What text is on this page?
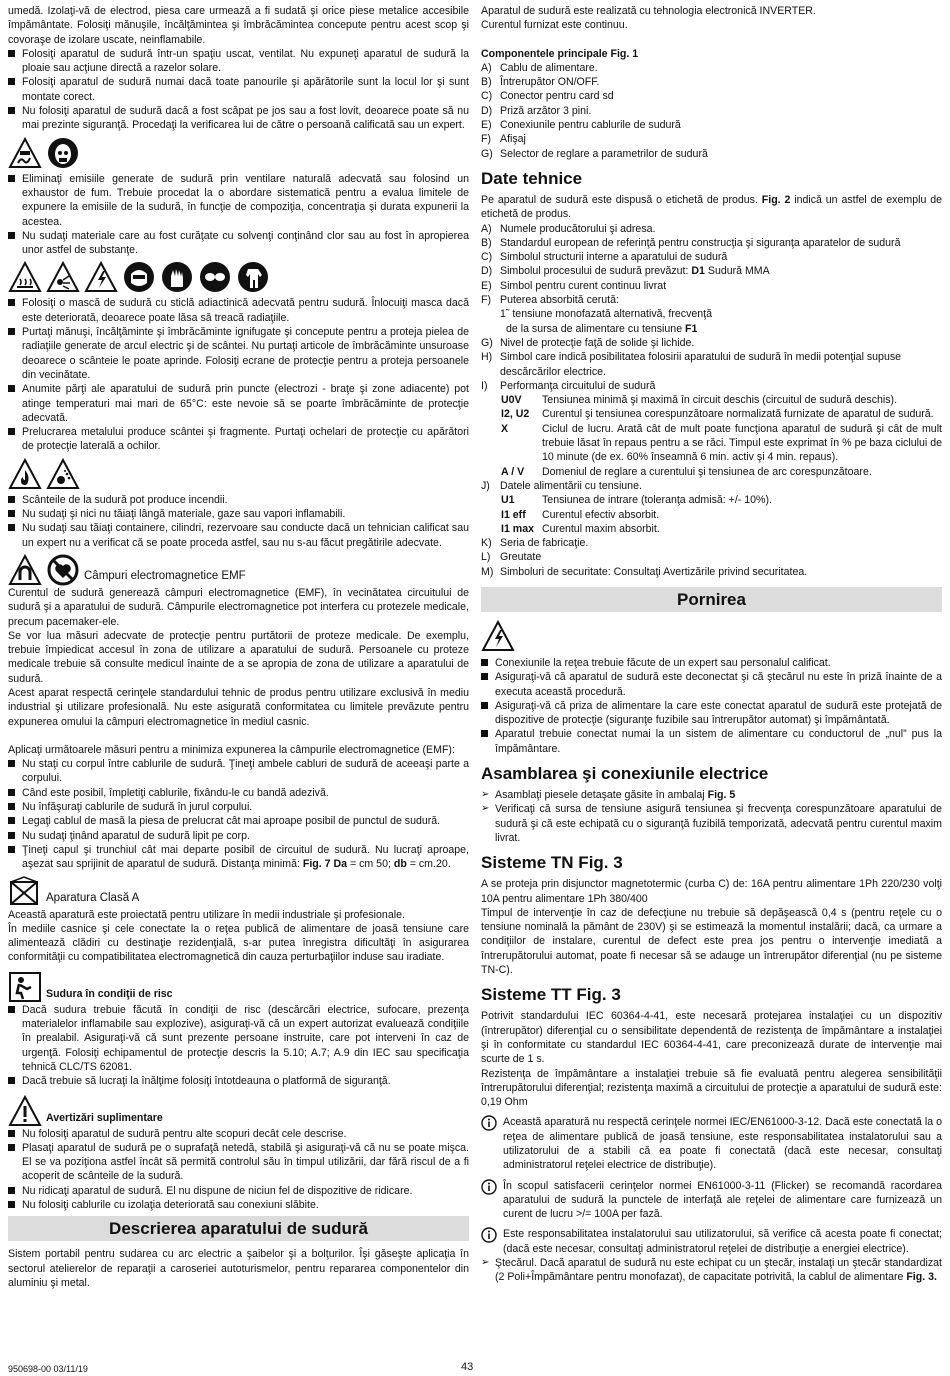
umedă. Izolaţi-vă de electrod, piesa care urmează a fi sudată şi orice piese metalice accesibile împământate. Folosiţi mănuşile, încălţămintea şi îmbrăcămintea concepute pentru acest scop şi covoraşe de izolare uscate, neinflamabile.

Folosiţi aparatul de sudură într-un spaţiu uscat, ventilat. Nu expuneţi aparatul de sudură la ploaie sau acţiune directă a razelor solare.
Folosiţi aparatul de sudură numai dacă toate panourile şi apărătorile sunt la locul lor şi sunt montate corect.
Nu folosiţi aparatul de sudură dacă a fost scăpat pe jos sau a fost lovit, deoarece poate să nu mai prezinte siguranţă. Procedaţi la verificarea lui de către o persoană calificată sau un expert.
Eliminaţi emisiile generate de sudură prin ventilare naturală adecvată sau folosind un exhaustor de fum. Trebuie procedat la o abordare sistematică pentru a evalua limitele de expunere la emisiile de la sudură, în funcţie de compoziţia, concentraţia şi durata expunerii la acestea.
Nu sudaţi materiale care au fost curăţate cu solvenţi conţinând clor sau au fost în apropierea unor astfel de substanţe.
Folosiţi o mască de sudură cu sticlă adiactinică adecvată pentru sudură. Înlocuiţi masca dacă este deteriorată, deoarece poate lăsa să treacă radiaţiile.
Purtaţi mănuşi, încălţăminte şi îmbrăcăminte ignifugate şi concepute pentru a proteja pielea de radiaţiile generate de arcul electric şi de scântei. Nu purtaţi articole de îmbrăcăminte unsuroase deoarece o scânteie le poate aprinde. Folosiţi ecrane de protecţie pentru a proteja persoanele din vecinătate.
Anumite părţi ale aparatului de sudură prin puncte (electrozi - braţe şi zone adiacente) pot atinge temperaturi mai mari de 65°C: este nevoie să se poarte îmbrăcăminte de protecţie adecvată.
Prelucrarea metalului produce scântei şi fragmente. Purtaţi ochelari de protecţie cu apărători de protecţie laterală a ochilor.
Scânteile de la sudură pot produce incendii.
Nu sudaţi şi nici nu tăiaţi lângă materiale, gaze sau vapori inflamabili.
Nu sudaţi sau tăiaţi containere, cilindri, rezervoare sau conducte dacă un tehnician calificat sau un expert nu a verificat că se poate proceda astfel, sau nu s-au făcut pregătirile adecvate.
Câmpuri electromagnetice EMF

Curentul de sudură generează câmpuri electromagnetice (EMF), în vecinătatea circuitului de sudură şi a aparatului de sudură. Câmpurile electromagnetice pot interfera cu protezele medicale, precum pacemaker-ele.

Se vor lua măsuri adecvate de protecţie pentru purtătorii de proteze medicale. De exemplu, trebuie împiedicat accesul în zona de utilizare a aparatului de sudură. Persoanele cu proteze medicale trebuie să consulte medicul înainte de a se apropia de zona de utilizare a aparatului de sudură.

Acest aparat respectă cerinţele standardului tehnic de produs pentru utilizare exclusivă în mediu industrial şi utilizare profesională. Nu este asigurată conformitatea cu limitele prevăzute pentru expunerea omului la câmpuri electromagnetice în mediul casnic.

Aplicaţi următoarele măsuri pentru a minimiza expunerea la câmpurile electromagnetice (EMF):

Nu staţi cu corpul între cablurile de sudură. Ţineţi ambele cabluri de sudură de aceeaşi parte a corpului.
Când este posibil, împletiţi cablurile, fixându-le cu bandă adezivă.
Nu înfăşuraţi cablurile de sudură în jurul corpului.
Legaţi cablul de masă la piesa de prelucrat cât mai aproape posibil de punctul de sudură.
Nu sudaţi ţinând aparatul de sudură lipit pe corp.
Ţineţi capul şi trunchiul cât mai departe posibil de circuitul de sudură. Nu lucraţi aproape, aşezat sau sprijinit de aparatul de sudură. Distanţa minimă: Fig. 7 Da = cm 50; db = cm.20.
Aparatura Clasă A

Această aparatură este proiectată pentru utilizare în medii industriale şi profesionale.

În mediile casnice şi cele conectate la o reţea publică de alimentare de joasă tensiune care alimentează clădiri cu destinaţie rezidenţială, s-ar putea înregistra dificultăţi în asigurarea conformităţii cu compatibilitatea electromagnetică din cauza perturbaţiilor induse sau iradiate.

Sudura în condiţii de risc
Dacă sudura trebuie făcută în condiţii de risc (descărcări electrice, sufocare, prezenţa materialelor inflamabile sau explozive), asiguraţi-vă că un expert autorizat evaluează condiţiile în prealabil. Asiguraţi-vă că sunt prezente persoane instruite, care pot interveni în caz de urgenţă. Folosiţi echipamentul de protecţie descris la 5.10; A.7; A.9 din IEC sau specificaţia tehnică CLC/TS 62081.
Dacă trebuie să lucraţi la înălţime folosiţi întotdeauna o platformă de siguranţă.
Avertizări suplimentare
Nu folosiţi aparatul de sudură pentru alte scopuri decât cele descrise.
Plasaţi aparatul de sudură pe o suprafaţă netedă, stabilă şi asiguraţi-vă că nu se poate mişca. El se va poziţiona astfel încât să permită controlul său în timpul utilizării, dar fără riscul de a fi acoperit de scânteile de la sudură.
Nu ridicaţi aparatul de sudură. El nu dispune de niciun fel de dispozitive de ridicare.
Nu folosiţi cablurile cu izolaţia deteriorată sau conexiuni slăbite.
Descrierea aparatului de sudură

Sistem portabil pentru sudarea cu arc electric a şaibelor şi a bolţurilor. Îşi găseşte aplicaţia în sectorul atelierelor de reparaţii a caroseriei autoturismelor, pentru repararea componentelor din aluminiu şi metal.

Aparatul de sudură este realizată cu tehnologia electronică INVERTER.

Curentul furnizat este continuu.

Componentele principale Fig. 1

A) Cablu de alimentare.
B) Întrerupător ON/OFF.
C) Conector pentru card sd
D) Priză arzător 3 pini.
E) Conexiunile pentru cablurile de sudură
F) Afişaj
G) Selector de reglare a parametrilor de sudură
Date tehnice

Pe aparatul de sudură este dispusă o etichetă de produs. Fig. 2 indică un astfel de exemplu de etichetă de produs.

A) Numele producătorului şi adresa.
B) Standardul european de referinţă pentru construcţia şi siguranţa aparatelor de sudură
C) Simbolul structurii interne a aparatului de sudură
D) Simbolul procesului de sudură prevăzut: D1 Sudură MMA
E) Simbol pentru curent continuu livrat
F) Puterea absorbită cerută:
1˜ tensiune monofazată alternativă, frecvenţă
de la sursa de alimentare cu tensiune F1
G) Nivel de protecţie faţă de solide şi lichide.
H) Simbol care indică posibilitatea folosirii aparatului de sudură în medii potenţial supuse descărcărilor electrice.
I) Performanţa circuitului de sudură
U0V	Tensiunea minimă şi maximă în circuit deschis (circuitul de sudură deschis).
I2, U2	Curentul şi tensiunea corespunzătoare normalizată furnizate de aparatul de sudură.
X	Ciclul de lucru. Arată cât de mult poate funcţiona aparatul de sudură şi cât de mult trebuie lăsat în repaus pentru a se răci. Timpul este exprimat în % pe baza ciclului de 10 minute (de ex. 60% înseamnă 6 min. activ şi 4 min. repaus).
A / V	Domeniul de reglare a curentului şi tensiunea de arc corespunzătoare.
J) Datele alimentării cu tensiune.
U1	Tensiunea de intrare (toleranţa admisă: +/- 10%).
I1 eff	Curentul efectiv absorbit.
I1 max Curentul maxim absorbit.
K) Seria de fabricaţie.
L) Greutate
M) Simboluri de securitate: Consultaţi Avertizările privind securitatea.
Pornirea
Conexiunile la reţea trebuie făcute de un expert sau personalul calificat.
Asiguraţi-vă că aparatul de sudură este deconectat şi că ştecărul nu este în priză înainte de a executa această procedură.
Asiguraţi-vă că priza de alimentare la care este conectat aparatul de sudură este protejată de dispozitive de protecţie (siguranţe fuzibile sau întrerupător automat) şi împământată.
Aparatul trebuie conectat numai la un sistem de alimentare cu conductorul de „nul” pus la împământare.
Asamblarea şi conexiunile electrice
➢ Asamblaţi piesele detaşate găsite în ambalaj Fig. 5
➢ Verificaţi că sursa de tensiune asigură tensiunea şi frecvenţa corespunzătoare aparatului de sudură şi că este echipată cu o siguranţă fuzibilă temporizată, adecvată pentru curentul maxim livrat.
Sisteme TN Fig. 3

A se proteja prin disjunctor magnetotermic (curba C) de: 16A pentru alimentare 1Ph 220/230 volţi 10A pentru alimentare 1Ph 380/400

Timpul de intervenţie în caz de defecţiune nu trebuie să depăşească 0,4 s (pentru reţele cu o tensiune nominală la pământ de 230V) şi se estimează la momentul instalării; dacă, ca urmare a condiţiilor de instalare, curentul de defect este prea jos pentru o intervenţie imediată a întrerupătorului automat, poate fi necesar să se adauge un întrerupător diferenţial (nu pe sisteme TN-C).

Sisteme TT Fig. 3

Potrivit standardului IEC 60364-4-41, este necesară protejarea instalaţiei cu un dispozitiv (întrerupător) diferenţial cu o sensibilitate dependentă de rezistenţa de împământare a instalaţiei şi în conformitate cu standardul IEC 60364-4-41, care preconizează durate de intervenţie mai scurte de 1 s.

Rezistenţa de împământare a instalaţiei trebuie să fie evaluată pentru alegerea sensibilităţii întrerupătorului diferenţial; rezistenţa maximă a circuitului de protecţie a aparatului de sudură este: 0,19 Ohm

Această aparatură nu respectă cerinţele normei IEC/EN61000-3-12. Dacă este conectată la o reţea de alimentare publică de joasă tensiune, este responsabilitatea instalatorului sau a utilizatorului de a stabili că ea poate fi conectată (dacă este necesar, consultaţi administratorul reţelei electrice de distribuţie).

În scopul satisfacerii cerinţelor normei EN61000-3-11 (Flicker) se recomandă racordarea aparatului de sudură la punctele de interfaţă ale reţelei de alimentare care furnizează un curent de lucru >/= 100A per fază.

Este responsabilitatea instalatorului sau utilizatorului, să verifice că acesta poate fi conectat; (dacă este necesar, consultaţi administratorul reţelei de distribuţie a energiei electrice).

➢ Ştecărul. Dacă aparatul de sudură nu este echipat cu un ştecăr, instalaţi un ştecăr standardizat (2 Poli+Împământare pentru monofazat), de capacitate potrivită, la cablul de alimentare Fig. 3.
950698-00 03/11/19	43
